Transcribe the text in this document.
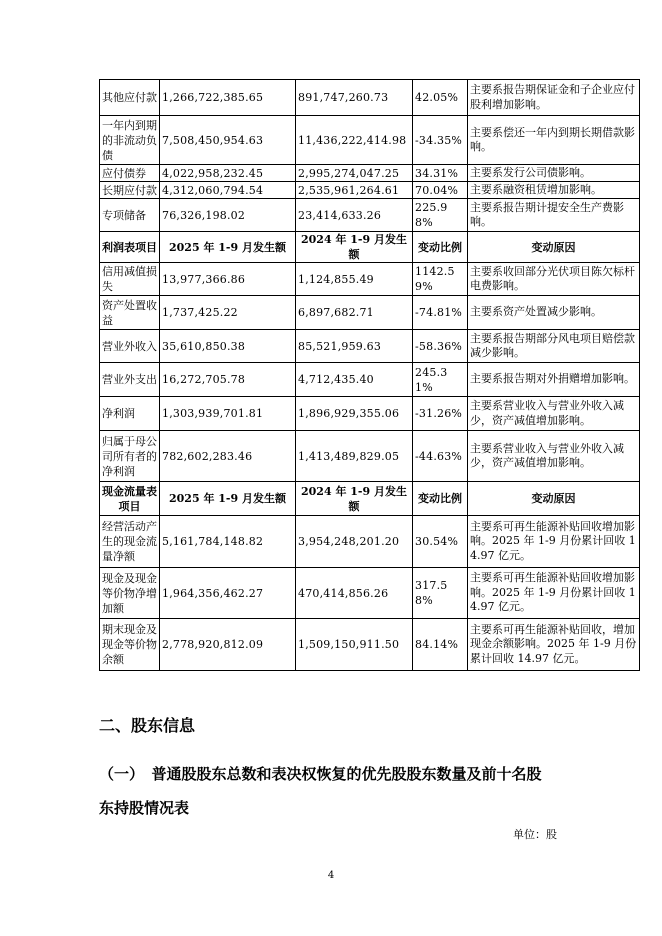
其他应付款	1,266,722,385.65	891,747,260.73	42.05%	主要系报告期保证金和子企业应付股利增加影响。
一年内到期的非流动负债	7,508,450,954.63	11,436,222,414.98	-34.35%	主要系偿还一年内到期长期借款影响。
应付债券	4,022,958,232.45	2,995,274,047.25	34.31%	主要系发行公司债影响。
长期应付款	4,312,060,794.54	2,535,961,264.61	70.04%	主要系融资租赁增加影响。
专项储备	76,326,198.02	23,414,633.26	225.98%	主要系报告期计提安全生产费影响。
利润表项目	2025 年 1-9 月发生额	2024 年 1-9 月发生额	变动比例	变动原因
信用减值损失	13,977,366.86	1,124,855.49	1142.59%	主要系收回部分光伏项目陈欠标杆电费影响。
资产处置收益	1,737,425.22	6,897,682.71	-74.81%	主要系资产处置减少影响。
营业外收入	35,610,850.38	85,521,959.63	-58.36%	主要系报告期部分风电项目赔偿款减少影响。
营业外支出	16,272,705.78	4,712,435.40	245.31%	主要系报告期对外捐赠增加影响。
净利润	1,303,939,701.81	1,896,929,355.06	-31.26%	主要系营业收入与营业外收入减少，资产减值增加影响。
归属于母公司所有者的净利润	782,602,283.46	1,413,489,829.05	-44.63%	主要系营业收入与营业外收入减少，资产减值增加影响。
现金流量表项目	2025 年 1-9 月发生额	2024 年 1-9 月发生额	变动比例	变动原因
经营活动产生的现金流量净额	5,161,784,148.82	3,954,248,201.20	30.54%	主要系可再生能源补贴回收增加影响。2025 年 1-9 月份累计回收 14.97 亿元。
现金及现金等价物净增加额	1,964,356,462.27	470,414,856.26	317.58%	主要系可再生能源补贴回收增加影响。2025 年 1-9 月份累计回收 14.97 亿元。
期末现金及现金等价物余额	2,778,920,812.09	1,509,150,911.50	84.14%	主要系可再生能源补贴回收，增加现金余额影响。2025 年 1-9 月份累计回收 14.97 亿元。
二、股东信息
（一）　普通股股东总数和表决权恢复的优先股股东数量及前十名股
东持股情况表
单位：股
4
